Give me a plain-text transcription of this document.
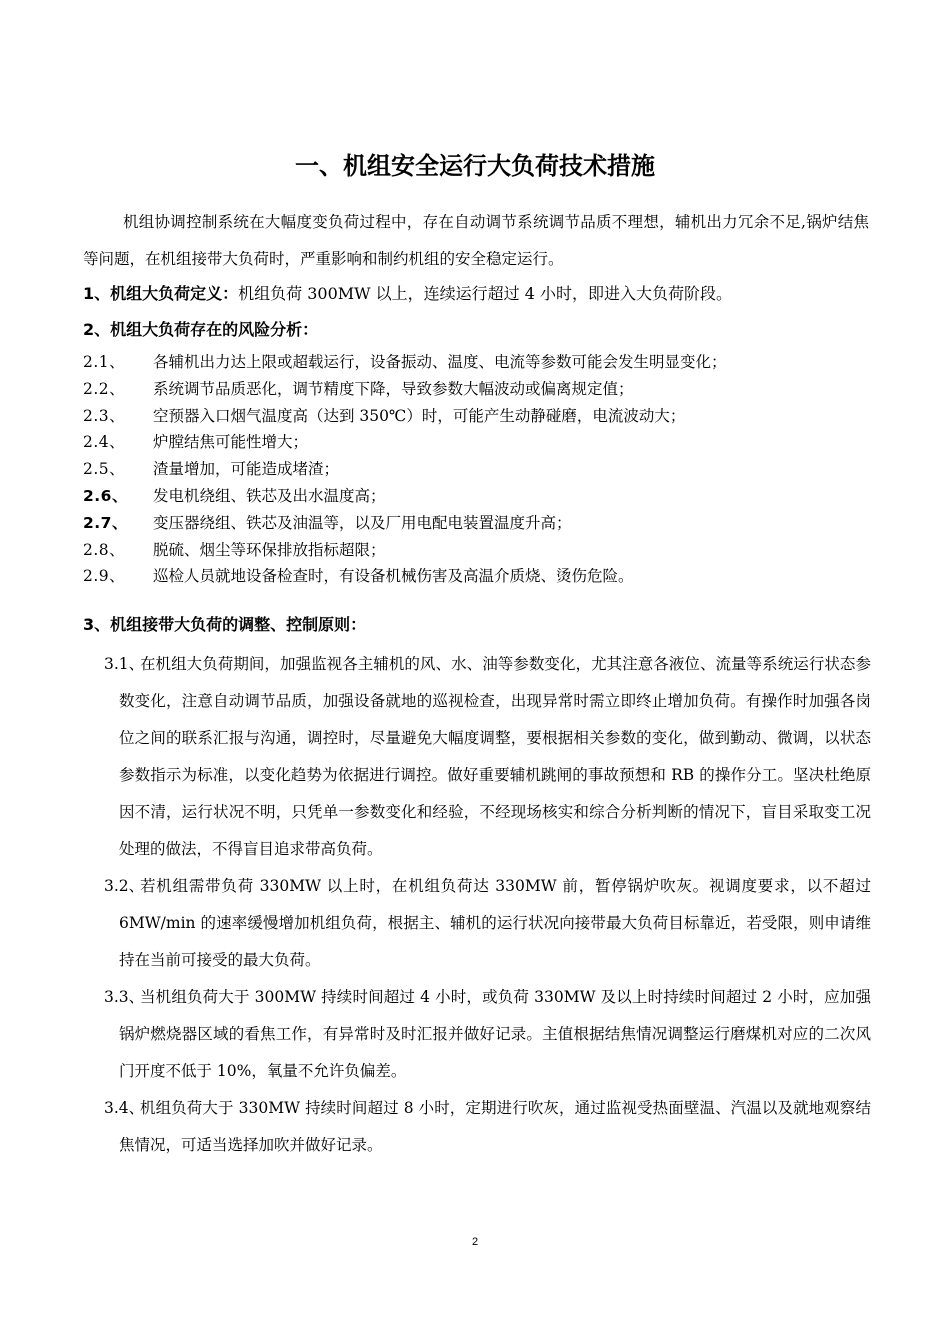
一、机组安全运行大负荷技术措施
机组协调控制系统在大幅度变负荷过程中，存在自动调节系统调节品质不理想，辅机出力冗余不足,锅炉结焦等问题，在机组接带大负荷时，严重影响和制约机组的安全稳定运行。
1、机组大负荷定义：机组负荷 300MW 以上，连续运行超过 4 小时，即进入大负荷阶段。
2、机组大负荷存在的风险分析：
2.1、 各辅机出力达上限或超载运行，设备振动、温度、电流等参数可能会发生明显变化；
2.2、 系统调节品质恶化，调节精度下降，导致参数大幅波动或偏离规定值；
2.3、 空预器入口烟气温度高（达到 350℃）时，可能产生动静碰磨，电流波动大；
2.4、 炉膛结焦可能性增大；
2.5、 渣量增加，可能造成堵渣；
2.6、 发电机绕组、铁芯及出水温度高；
2.7、 变压器绕组、铁芯及油温等，以及厂用电配电装置温度升高；
2.8、 脱硫、烟尘等环保排放指标超限；
2.9、 巡检人员就地设备检查时，有设备机械伤害及高温介质烧、烫伤危险。
3、机组接带大负荷的调整、控制原则：
3.1、
在机组大负荷期间，加强监视各主辅机的风、水、油等参数变化，尤其注意各液位、流量等系统运行状态参数变化，注意自动调节品质，加强设备就地的巡视检查，出现异常时需立即终止增加负荷。有操作时加强各岗位之间的联系汇报与沟通，调控时，尽量避免大幅度调整，要根据相关参数的变化，做到勤动、微调，以状态参数指示为标准，以变化趋势为依据进行调控。做好重要辅机跳闸的事故预想和 RB 的操作分工。坚决杜绝原因不清，运行状况不明，只凭单一参数变化和经验，不经现场核实和综合分析判断的情况下，盲目采取变工况处理的做法，不得盲目追求带高负荷。
3.2、
若机组需带负荷 330MW 以上时，在机组负荷达 330MW 前，暂停锅炉吹灰。视调度要求，以不超过 6MW/min 的速率缓慢增加机组负荷，根据主、辅机的运行状况向接带最大负荷目标靠近，若受限，则申请维持在当前可接受的最大负荷。
3.3、
当机组负荷大于 300MW 持续时间超过 4 小时，或负荷 330MW 及以上时持续时间超过 2 小时，应加强锅炉燃烧器区域的看焦工作，有异常时及时汇报并做好记录。主值根据结焦情况调整运行磨煤机对应的二次风门开度不低于 10%，氧量不允许负偏差。
3.4、
机组负荷大于 330MW 持续时间超过 8 小时，定期进行吹灰，通过监视受热面壁温、汽温以及就地观察结焦情况，可适当选择加吹并做好记录。
2
